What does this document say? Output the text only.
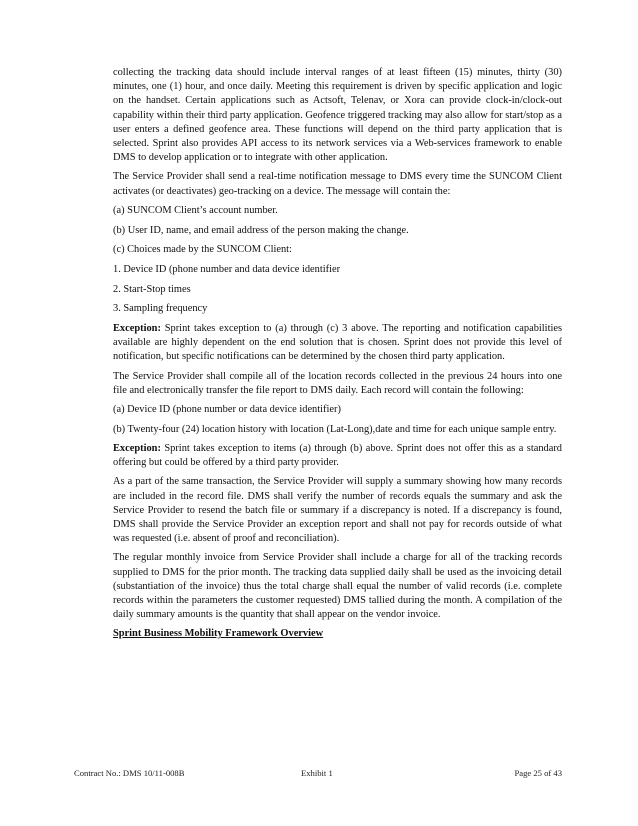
collecting the tracking data should include interval ranges of at least fifteen (15) minutes, thirty (30) minutes, one (1) hour, and once daily. Meeting this requirement is driven by specific application and logic on the handset. Certain applications such as Actsoft, Telenav, or Xora can provide clock-in/clock-out capability within their third party application. Geofence triggered tracking may also allow for start/stop as a user enters a defined geofence area. These functions will depend on the third party application that is selected. Sprint also provides API access to its network services via a Web-services framework to enable DMS to develop application or to integrate with other application.

The Service Provider shall send a real-time notification message to DMS every time the SUNCOM Client activates (or deactivates) geo-tracking on a device. The message will contain the:

(a) SUNCOM Client’s account number.

(b) User ID, name, and email address of the person making the change.

(c) Choices made by the SUNCOM Client:

1. Device ID (phone number and data device identifier

2. Start-Stop times

3. Sampling frequency

Exception: Sprint takes exception to (a) through (c) 3 above. The reporting and notification capabilities available are highly dependent on the end solution that is chosen. Sprint does not provide this level of notification, but specific notifications can be determined by the chosen third party application.

The Service Provider shall compile all of the location records collected in the previous 24 hours into one file and electronically transfer the file report to DMS daily. Each record will contain the following:

(a) Device ID (phone number or data device identifier)

(b) Twenty-four (24) location history with location (Lat-Long),date and time for each unique sample entry.

Exception: Sprint takes exception to items (a) through (b) above. Sprint does not offer this as a standard offering but could be offered by a third party provider.

As a part of the same transaction, the Service Provider will supply a summary showing how many records are included in the record file. DMS shall verify the number of records equals the summary and ask the Service Provider to resend the batch file or summary if a discrepancy is noted. If a discrepancy is found, DMS shall provide the Service Provider an exception report and shall not pay for records outside of what was requested (i.e. absent of proof and reconciliation).

The regular monthly invoice from Service Provider shall include a charge for all of the tracking records supplied to DMS for the prior month. The tracking data supplied daily shall be used as the invoicing detail (substantiation of the invoice) thus the total charge shall equal the number of valid records (i.e. complete records within the parameters the customer requested) DMS tallied during the month. A compilation of the daily summary amounts is the quantity that shall appear on the vendor invoice.

Sprint Business Mobility Framework Overview

Contract No.: DMS 10/11-008B	Exhibit 1	Page 25 of 43
